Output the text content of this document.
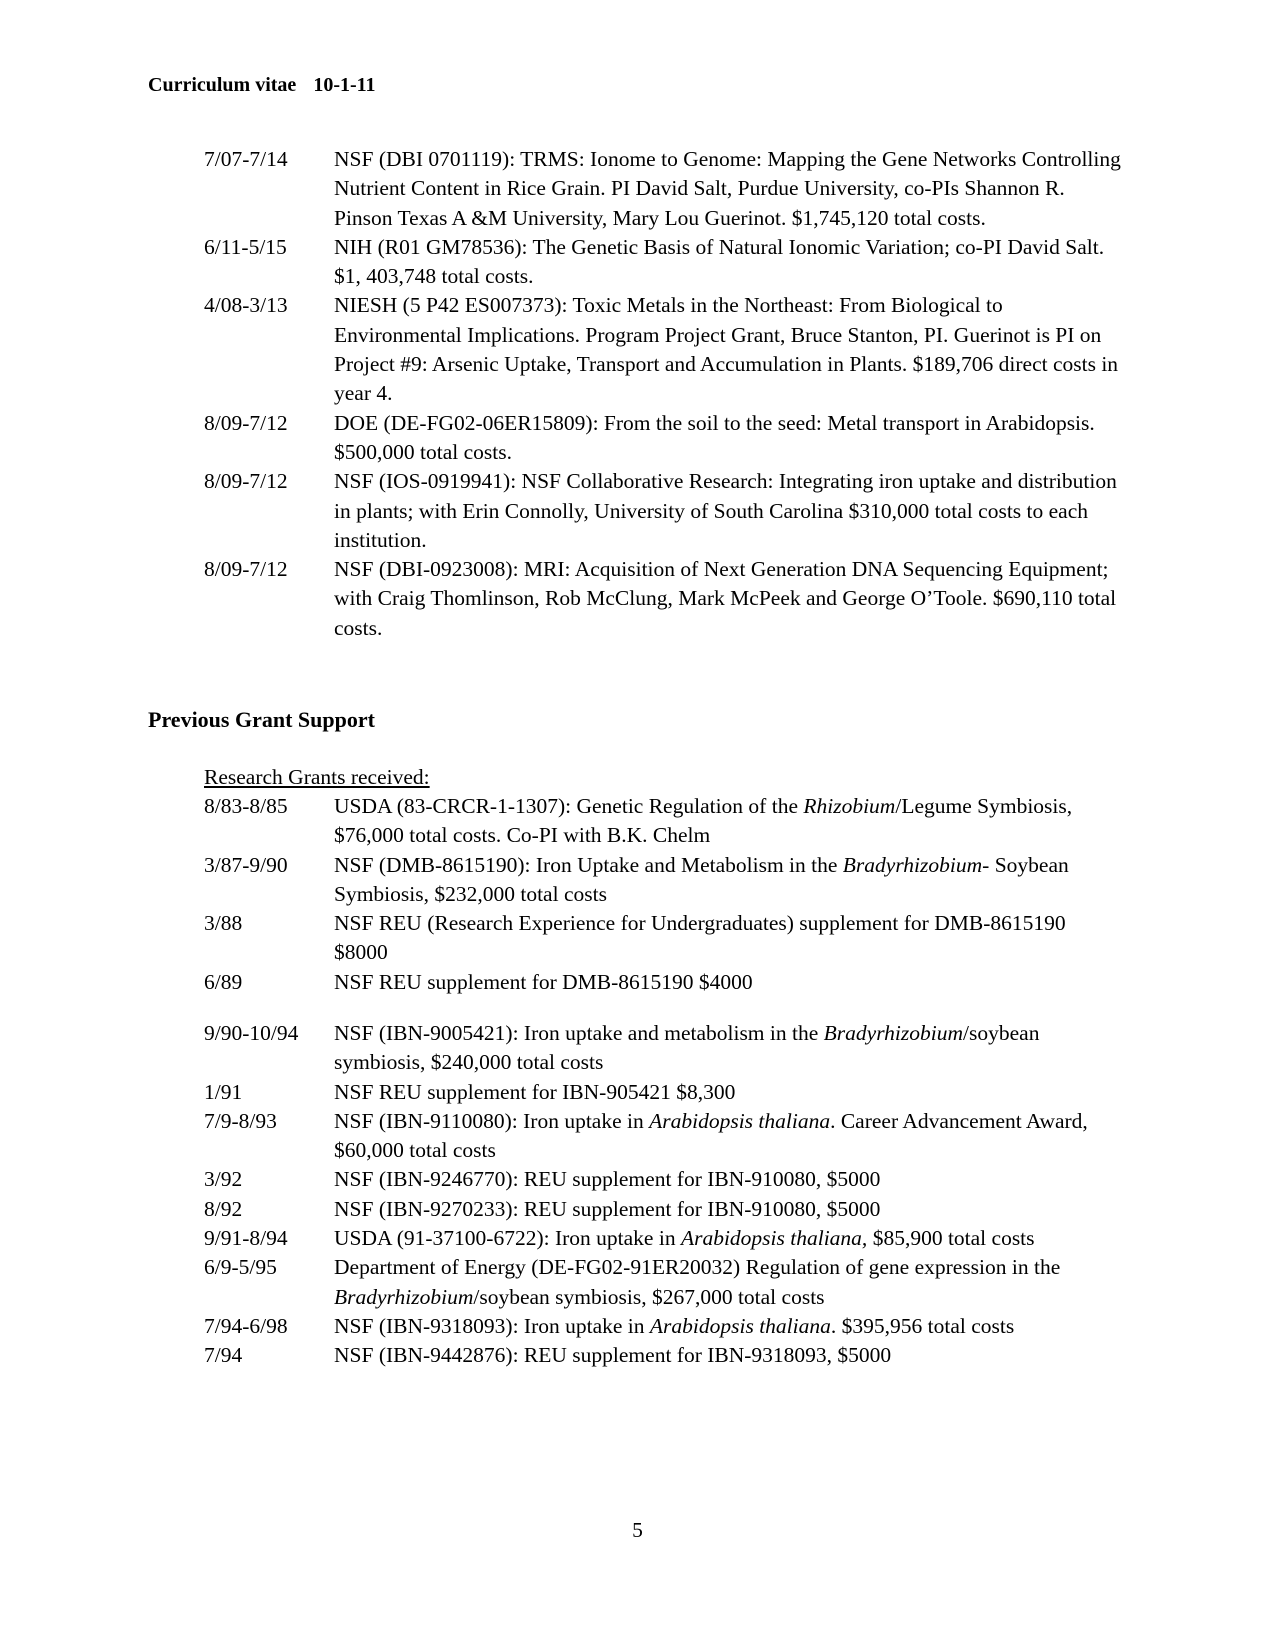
Curriculum vitae 10-1-11
7/07-7/14	NSF (DBI 0701119): TRMS: Ionome to Genome: Mapping the Gene Networks Controlling Nutrient Content in Rice Grain. PI David Salt, Purdue University, co-PIs Shannon R. Pinson Texas A &M University, Mary Lou Guerinot. $1,745,120 total costs.
6/11-5/15	NIH (R01 GM78536): The Genetic Basis of Natural Ionomic Variation; co-PI David Salt. $1, 403,748 total costs.
4/08-3/13	NIESH (5 P42 ES007373): Toxic Metals in the Northeast: From Biological to Environmental Implications. Program Project Grant, Bruce Stanton, PI. Guerinot is PI on Project #9: Arsenic Uptake, Transport and Accumulation in Plants. $189,706 direct costs in year 4.
8/09-7/12	DOE (DE-FG02-06ER15809): From the soil to the seed: Metal transport in Arabidopsis. $500,000 total costs.
8/09-7/12	NSF (IOS-0919941): NSF Collaborative Research: Integrating iron uptake and distribution in plants; with Erin Connolly, University of South Carolina $310,000 total costs to each institution.
8/09-7/12	NSF (DBI-0923008): MRI: Acquisition of Next Generation DNA Sequencing Equipment; with Craig Thomlinson, Rob McClung, Mark McPeek and George O’Toole. $690,110 total costs.
Previous Grant Support
Research Grants received:
8/83-8/85	USDA (83-CRCR-1-1307): Genetic Regulation of the Rhizobium/Legume Symbiosis, $76,000 total costs. Co-PI with B.K. Chelm
3/87-9/90	NSF (DMB-8615190): Iron Uptake and Metabolism in the Bradyrhizobium- Soybean Symbiosis, $232,000 total costs
3/88	NSF REU (Research Experience for Undergraduates) supplement for DMB-8615190 $8000
6/89	NSF REU supplement for DMB-8615190 $4000
9/90-10/94	NSF (IBN-9005421): Iron uptake and metabolism in the Bradyrhizobium/soybean symbiosis, $240,000 total costs
1/91	NSF REU supplement for IBN-905421 $8,300
7/9-8/93	NSF (IBN-9110080): Iron uptake in Arabidopsis thaliana. Career Advancement Award, $60,000 total costs
3/92	NSF (IBN-9246770): REU supplement for IBN-910080, $5000
8/92	NSF (IBN-9270233): REU supplement for IBN-910080, $5000
9/91-8/94	USDA (91-37100-6722): Iron uptake in Arabidopsis thaliana, $85,900 total costs
6/9-5/95	Department of Energy (DE-FG02-91ER20032) Regulation of gene expression in the Bradyrhizobium/soybean symbiosis, $267,000 total costs
7/94-6/98	NSF (IBN-9318093): Iron uptake in Arabidopsis thaliana. $395,956 total costs
7/94	NSF (IBN-9442876): REU supplement for IBN-9318093, $5000
5
